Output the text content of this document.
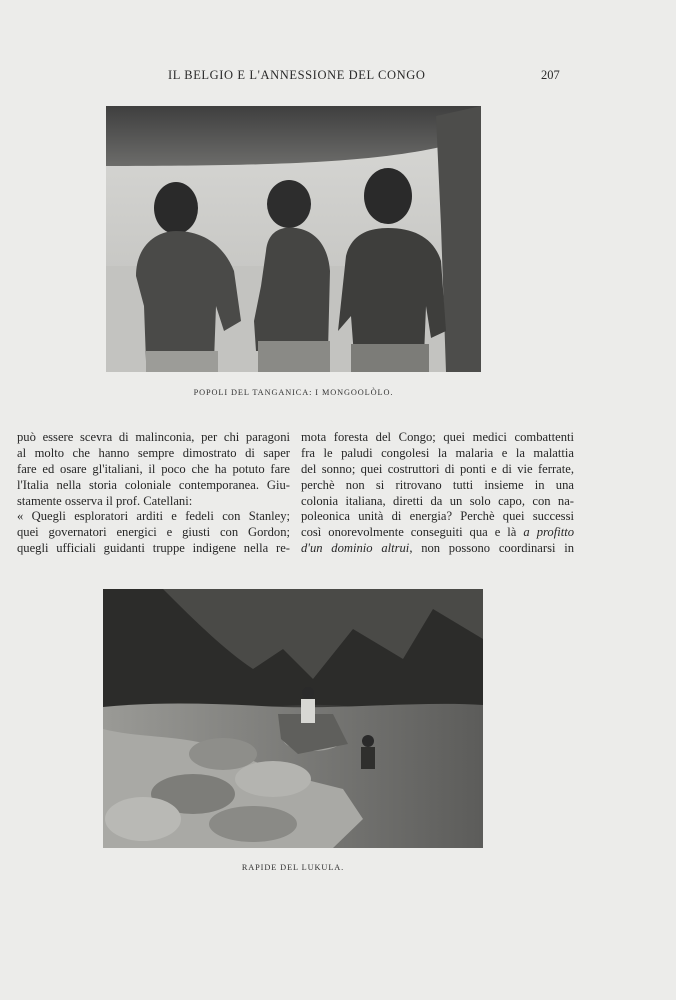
IL BELGIO E L'ANNESSIONE DEL CONGO	207
POPOLI DEL TANGANICA: I MONGOOLÒLO.
può essere scevra di malinconia, per chi paragoni
al molto che hanno sempre dimostrato di saper
fare ed osare gl'italiani, il poco che ha potuto fare
l'Italia nella storia coloniale contemporanea. Giu-
stamente osserva il prof. Catellani:
« Quegli esploratori arditi e fedeli con Stanley;
quei governatori energici e giusti con Gordon;
quegli ufficiali guidanti truppe indigene nella re-
mota foresta del Congo; quei medici combattenti
fra le paludi congolesi la malaria e la malattia
del sonno; quei costruttori di ponti e di vie ferrate,
perchè non si ritrovano tutti insieme in una
colonia italiana, diretti da un solo capo, con na-
poleonica unità di energia? Perchè quei successi
così onorevolmente conseguiti qua e là a profitto
d'un dominio altrui, non possono coordinarsi in
RAPIDE DEL LUKULA.
